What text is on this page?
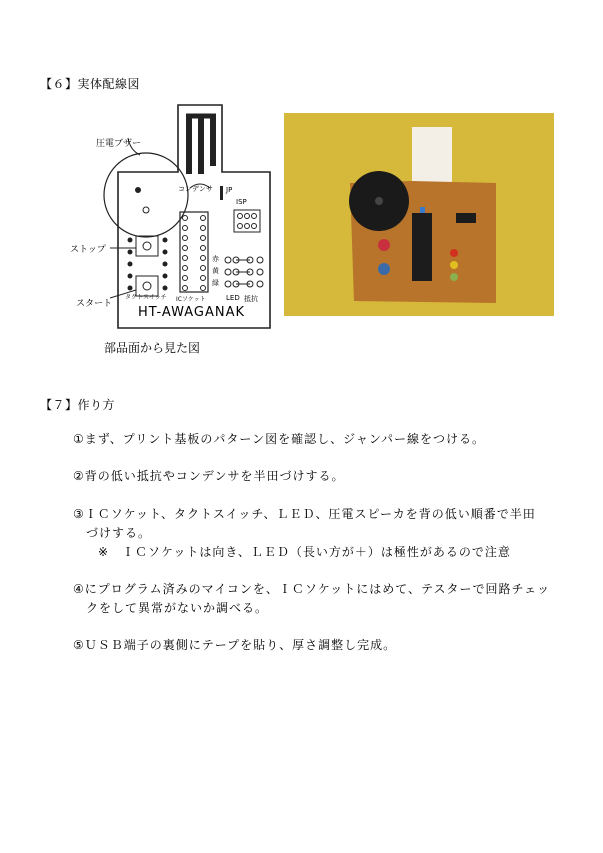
【６】実体配線図
圧電ブザー
ストップ
スタート
コンデンサ JP
ISP
タクトスイッチ ICソケット	LED 抵抗
赤
黄
緑
HT-AWAGANAK
部品面から見た図
【７】作り方
①まず、プリント基板のパターン図を確認し、ジャンパー線をつける。
②背の低い抵抗やコンデンサを半田づけする。
③ＩＣソケット、タクトスイッチ、ＬＥＤ、圧電スピーカを背の低い順番で半田
づけする。
※　ＩＣソケットは向き、ＬＥＤ（長い方が＋）は極性があるので注意
④にプログラム済みのマイコンを、ＩＣソケットにはめて、テスターで回路チェッ
クをして異常がないか調べる。
⑤ＵＳＢ端子の裏側にテープを貼り、厚さ調整し完成。
